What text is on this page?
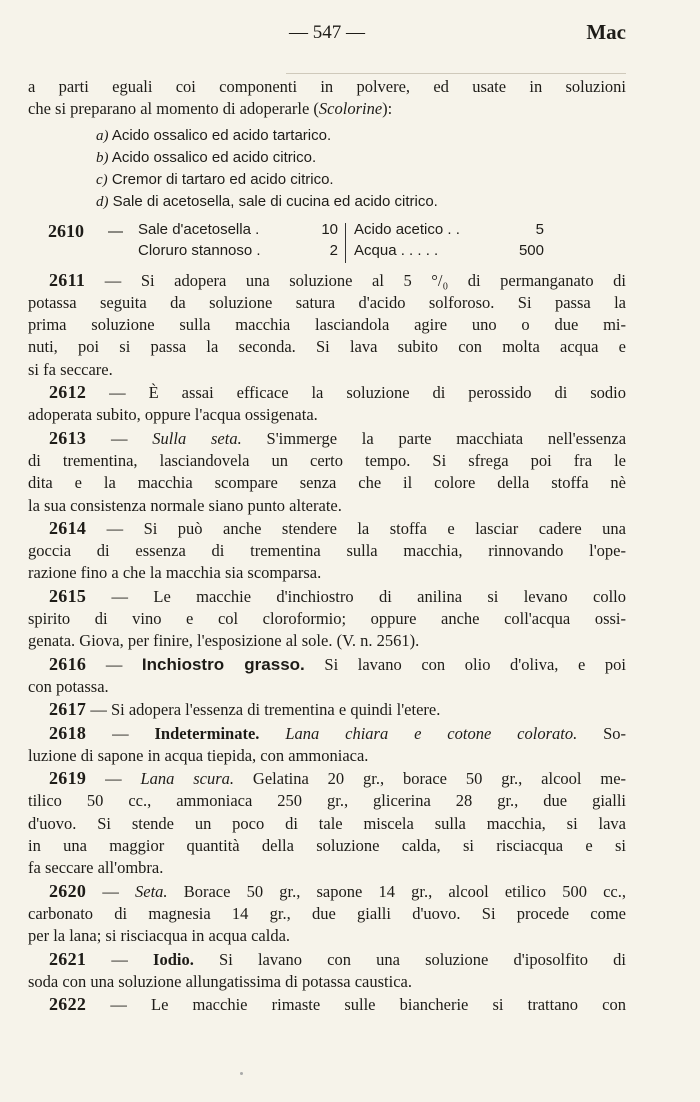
— 547 —	Mac
a parti eguali coi componenti in polvere, ed usate in soluzioni
che si preparano al momento di adoperarle (Scolorine):
a) Acido ossalico ed acido tartarico.
b) Acido ossalico ed acido citrico.
c) Cremor di tartaro ed acido citrico.
d) Sale di acetosella, sale di cucina ed acido citrico.
2610 — Sale d'acetosella .
Cloruro stannoso .
10
2
Acido acetico . .
Acqua . . . . .
5
500
2611 — Si adopera una soluzione al 5 °/₀ di permanganato di
potassa seguita da soluzione satura d'acido solforoso. Si passa la
prima soluzione sulla macchia lasciandola agire uno o due mi-
nuti, poi si passa la seconda. Si lava subito con molta acqua e
si fa seccare.
2612 — È assai efficace la soluzione di perossido di sodio
adoperata subito, oppure l'acqua ossigenata.
2613 — Sulla seta. S'immerge la parte macchiata nell'essenza
di trementina, lasciandovela un certo tempo. Si sfrega poi fra le
dita e la macchia scompare senza che il colore della stoffa nè
la sua consistenza normale siano punto alterate.
2614 — Si può anche stendere la stoffa e lasciar cadere una
goccia di essenza di trementina sulla macchia, rinnovando l'ope-
razione fino a che la macchia sia scomparsa.
2615 — Le macchie d'inchiostro di anilina si levano collo
spirito di vino e col cloroformio; oppure anche coll'acqua ossi-
genata. Giova, per finire, l'esposizione al sole. (V. n. 2561).
2616 — Inchiostro grasso. Si lavano con olio d'oliva, e poi
con potassa.
2617 — Si adopera l'essenza di trementina e quindi l'etere.
2618 — Indeterminate. Lana chiara e cotone colorato. So-
luzione di sapone in acqua tiepida, con ammoniaca.
2619 — Lana scura. Gelatina 20 gr., borace 50 gr., alcool me-
tilico 50 cc., ammoniaca 250 gr., glicerina 28 gr., due gialli
d'uovo. Si stende un poco di tale miscela sulla macchia, si lava
in una maggior quantità della soluzione calda, si risciacqua e si
fa seccare all'ombra.
2620 — Seta. Borace 50 gr., sapone 14 gr., alcool etilico 500 cc.,
carbonato di magnesia 14 gr., due gialli d'uovo. Si procede come
per la lana; si risciacqua in acqua calda.
2621 — Iodio. Si lavano con una soluzione d'iposolfito di
soda con una soluzione allungatissima di potassa caustica.
2622 — Le macchie rimaste sulle biancherie si trattano con
